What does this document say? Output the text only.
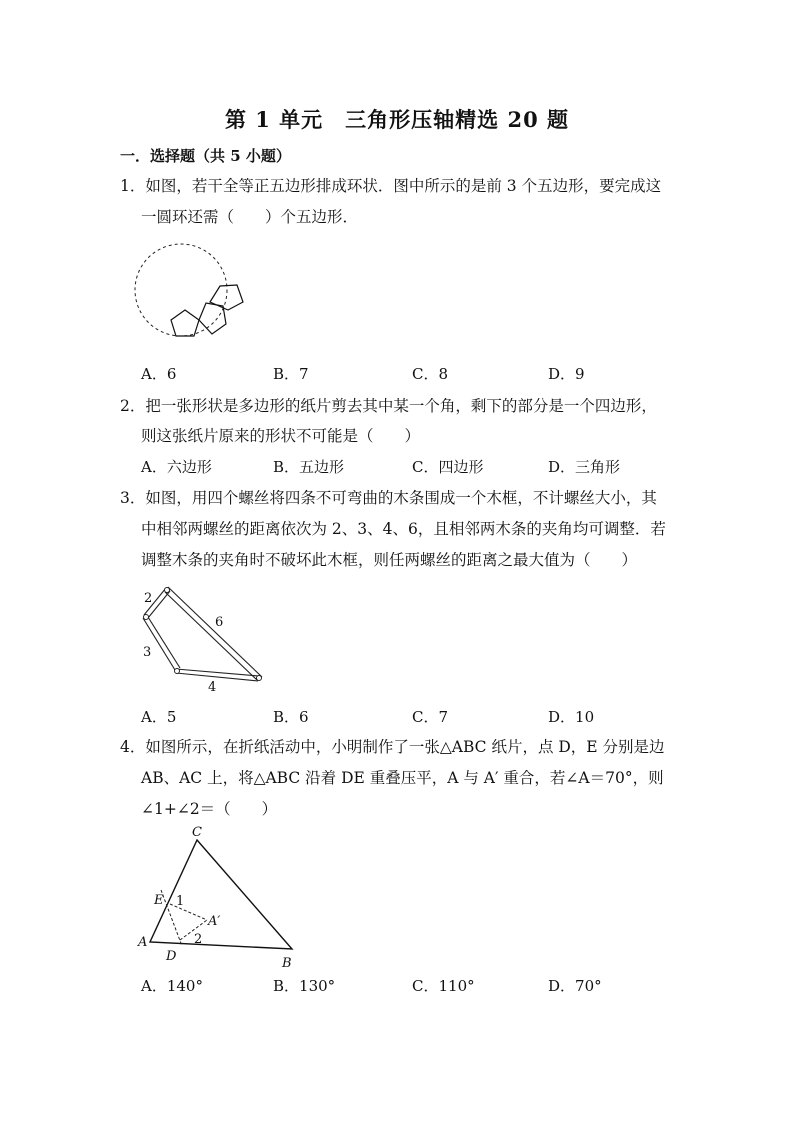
第 1 单元　三角形压轴精选 20 题
一．选择题（共 5 小题）
1．如图，若干全等正五边形排成环状．图中所示的是前 3 个五边形，要完成这
一圆环还需（　　）个五边形．
A．6	B．7	C．8	D．9
2．把一张形状是多边形的纸片剪去其中某一个角，剩下的部分是一个四边形，
则这张纸片原来的形状不可能是（　　）
A．六边形	B．五边形	C．四边形	D．三角形
3．如图，用四个螺丝将四条不可弯曲的木条围成一个木框，不计螺丝大小，其
中相邻两螺丝的距离依次为 2、3、4、6，且相邻两木条的夹角均可调整．若
调整木条的夹角时不破坏此木框，则任两螺丝的距离之最大值为（　　）
2
6
3
4
A．5	B．6	C．7	D．10
4．如图所示，在折纸活动中，小明制作了一张△ABC 纸片，点 D，E 分别是边
AB、AC 上，将△ABC 沿着 DE 重叠压平，A 与 A′ 重合，若∠A＝70°，则
∠1+∠2＝（　　）
C
E 1
A′
A
D
2
B
A．140°	B．130°	C．110°	D．70°
